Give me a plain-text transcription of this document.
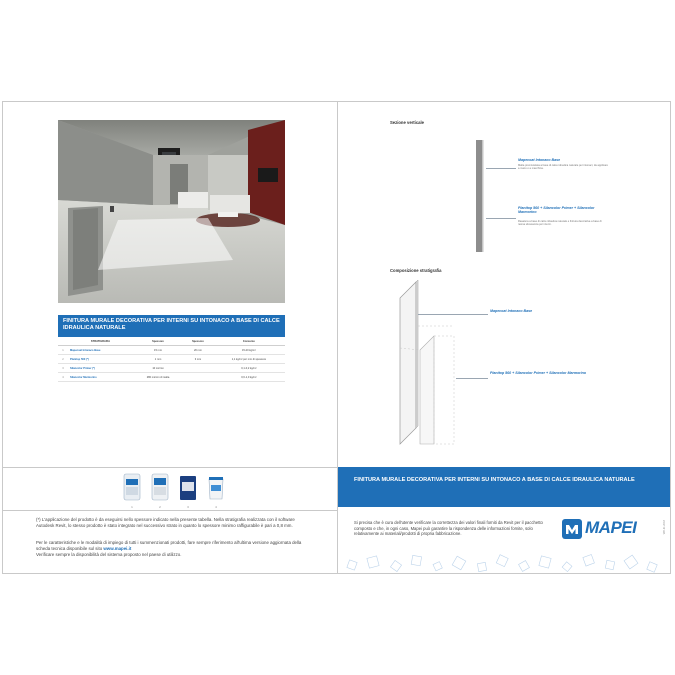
FINITURA MURALE DECORATIVA PER INTERNI SU INTONACO A BASE DI CALCE IDRAULICA NATURALE
	STRATIGRAFIA	Spessore	Spessore	Consumo
1	Mapecoat Intonaco Base	15 mm	20 mm	15-20 kg/m²
2	Planitop 560 (*)	1 mm	3 mm	1,1 kg/m² per mm di spessore
3	Silancolor Primer (*)	10 micron		0,1-0,2 kg/m²
4	Silancolor Marmorino	280 micron di malta		0,6-1,0 kg/m²
1	2	3	4
(*) L'applicazione del prodotto è da eseguirsi nello spessore indicato nella presente tabella. Nella stratigrafia realizzata con il software Autodesk Revit, lo stesso prodotto è stato integrato nel successivo strato in quanto lo spessore minimo raffigurabile è pari a 0,8 mm.
Per le caratteristiche e le modalità di impiego di tutti i summenzionati prodotti, fare sempre riferimento all'ultima versione aggiornata della scheda tecnica disponibile sul sito www.mapei.it
Verificare sempre la disponibilità del sistema proposto nel paese di utilizzo.
Sezione verticale
Mapecoat Intonaco Base
Malta premiscelata a base di calce idraulica naturale per intonaci, da applicare a mano o a macchina.
Planitop 560 + Silancolor Primer + Silancolor Marmorino
Rasatura a base di calce idraulica naturale e finitura decorativa a base di resina silossanica per interni.
Composizione stratigrafia
Mapecoat Intonaco Base
Planitop 560 + Silancolor Primer + Silancolor Marmorino
FINITURA MURALE DECORATIVA PER INTERNI SU INTONACO A BASE DI CALCE IDRAULICA NATURALE
Si precisa che è cura dell'utente verificare la correttezza dei valori finali forniti da Revit per il pacchetto composto e che, in ogni caso, Mapei può garantire la rispondenza delle informazioni fornite, solo relativamente ai materiali/prodotti di propria fabbricazione.	MAPEI	WB-IR-2018
